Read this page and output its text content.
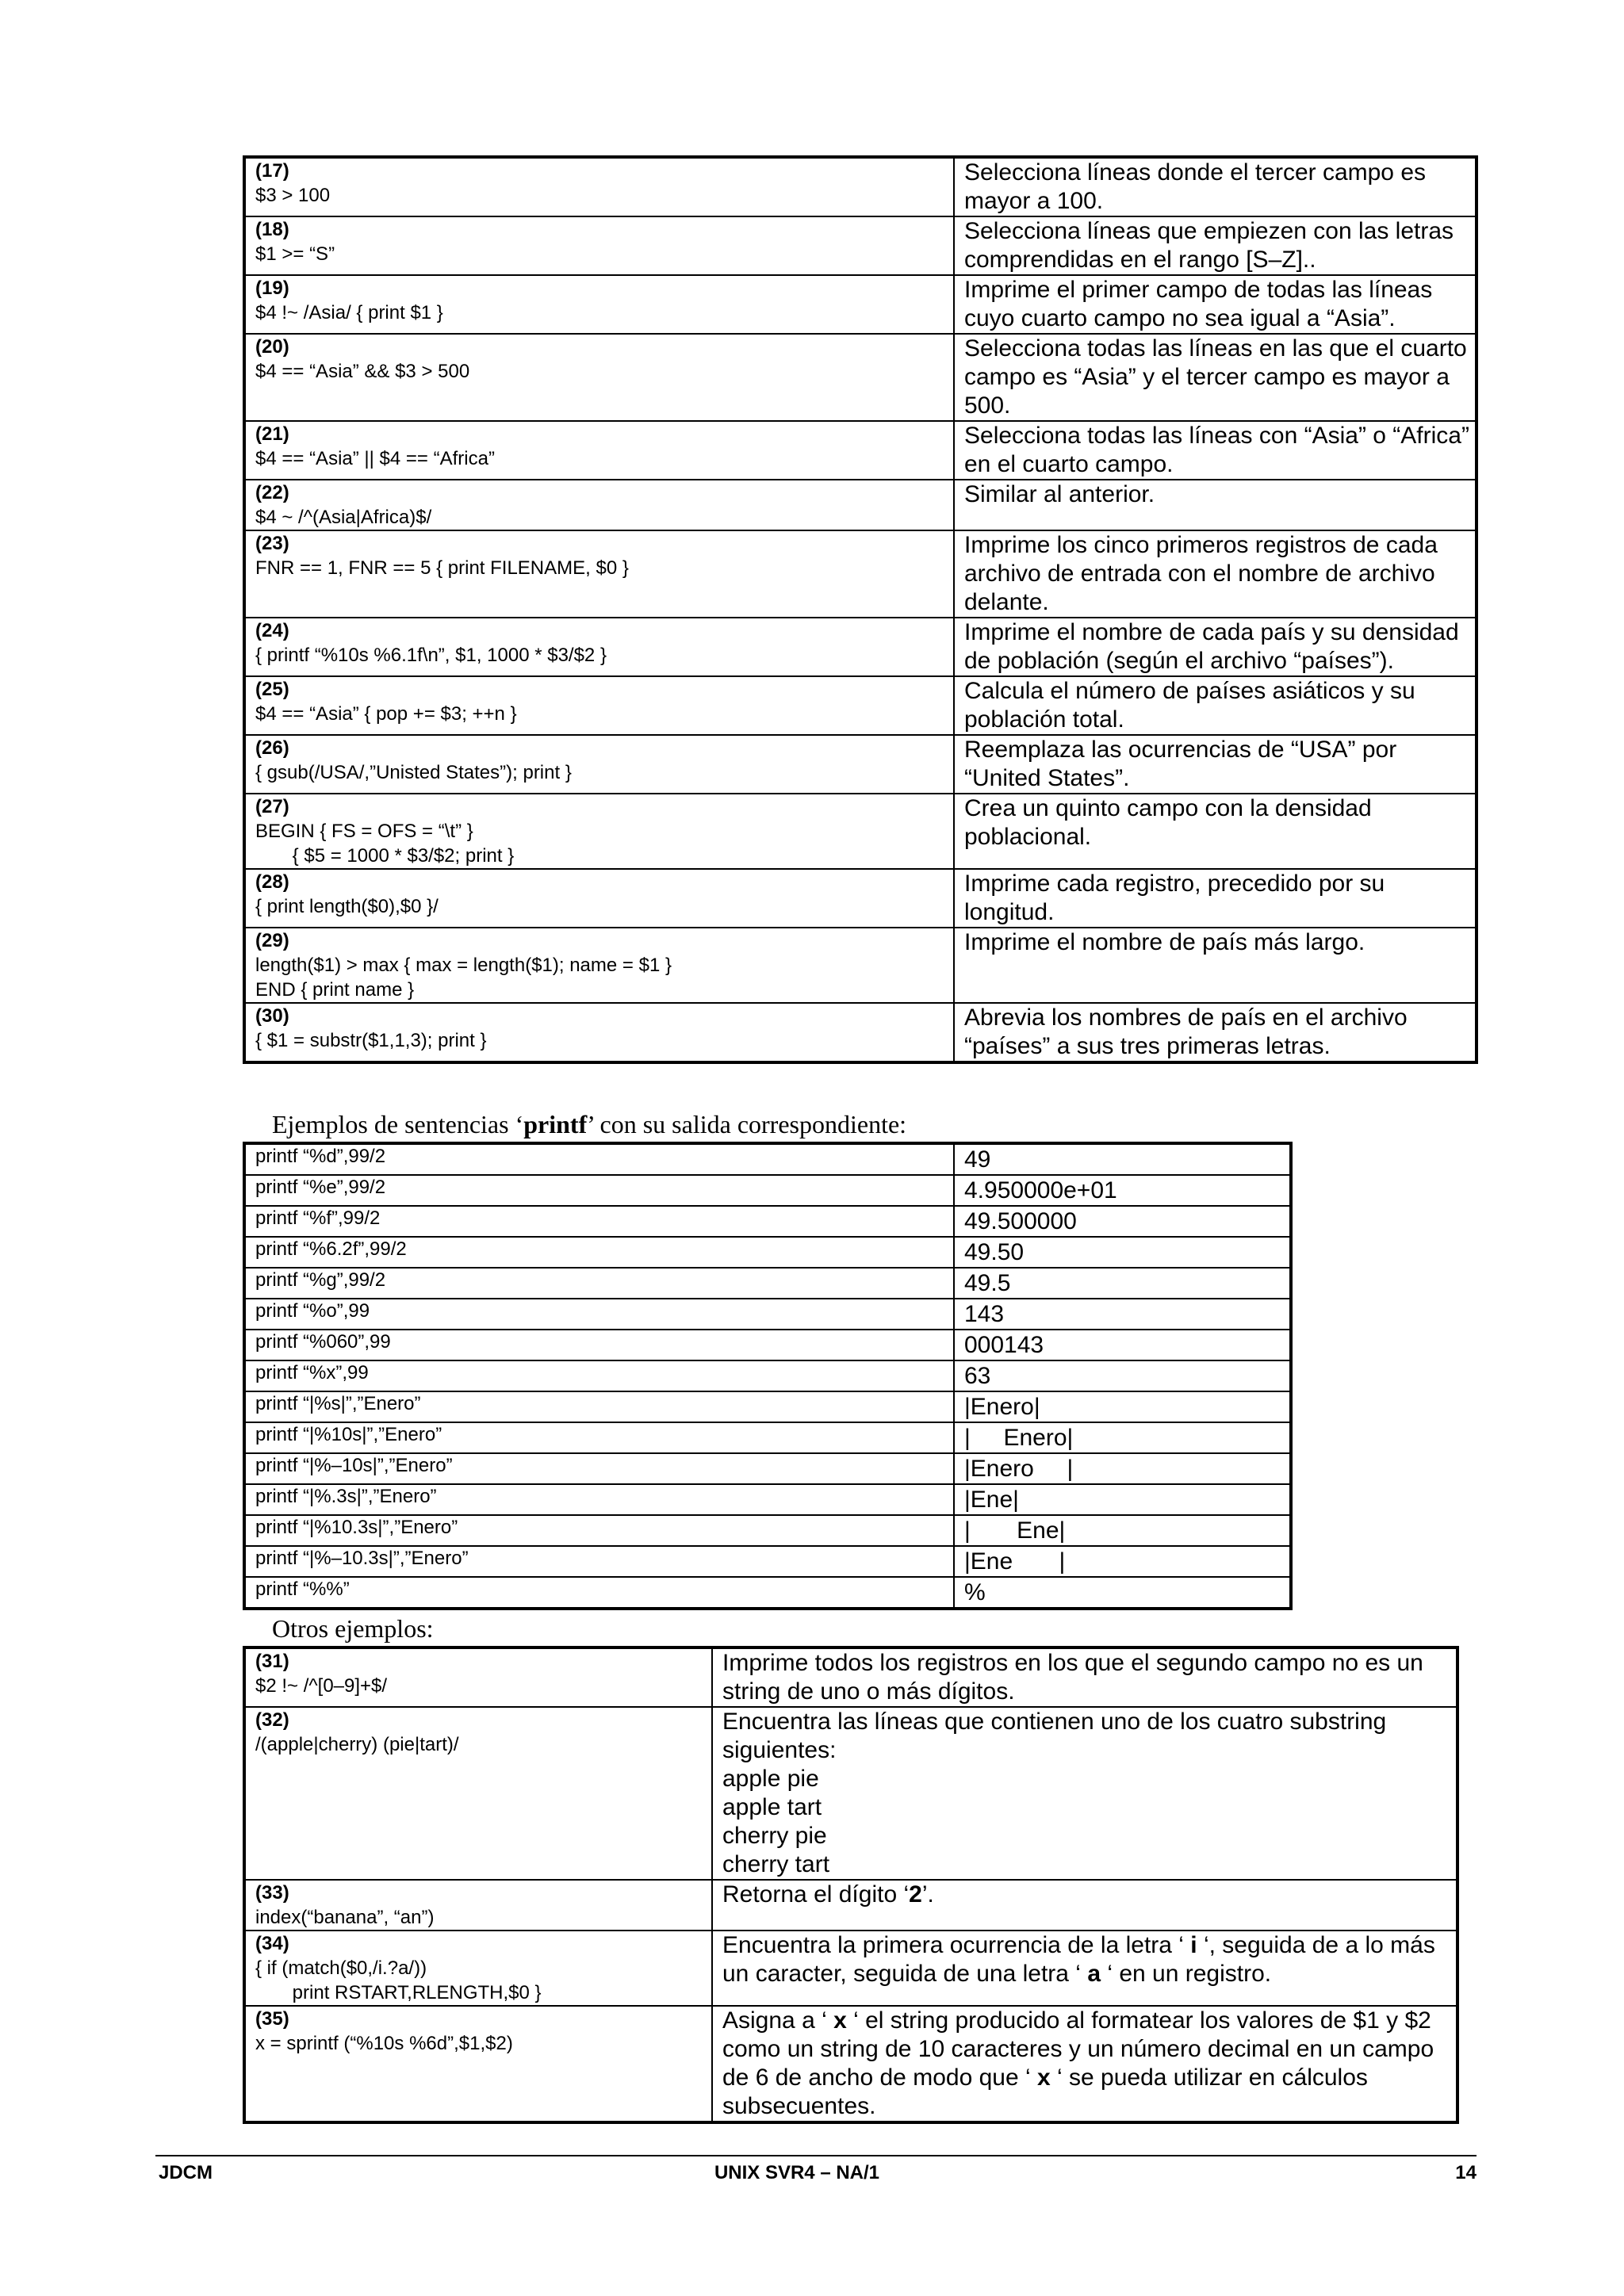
(17)
$3 > 100	Selecciona líneas donde el tercer campo es mayor a 100.

(18)
$1 >= “S”	Selecciona líneas que empiezen con las letras comprendidas en el rango [S–Z]..

(19)
$4 !~ /Asia/ { print $1 }	Imprime el primer campo de todas las líneas cuyo cuarto campo no sea igual a “Asia”.

(20)
$4 == “Asia” && $3 > 500	Selecciona todas las líneas en las que el cuarto campo es “Asia” y el tercer campo es mayor a 500.

(21)
$4 == “Asia” || $4 == “Africa”	Selecciona todas las líneas con “Asia” o “Africa” en el cuarto campo.

(22)
$4 ~ /^(Asia|Africa)$/	Similar al anterior.

(23)
FNR == 1, FNR == 5 { print FILENAME, $0 }	Imprime los cinco primeros registros de cada archivo de entrada con el nombre de archivo delante.

(24)
{ printf “%10s %6.1f\n”, $1, 1000 * $3/$2 }	Imprime el nombre de cada país y su densidad de población (según el archivo “países”).

(25)
$4 == “Asia” { pop += $3; ++n }	Calcula el número de países asiáticos y su población total.

(26)
{ gsub(/USA/,”Unisted States”); print }	Reemplaza las ocurrencias de “USA” por “United States”.

(27)
BEGIN { FS = OFS = “\t” }
{ $5 = 1000 * $3/$2; print }	Crea un quinto campo con la densidad poblacional.

(28)
{ print length($0),$0 }/	Imprime cada registro, precedido por su longitud.

(29)
length($1) > max { max = length($1); name = $1 }
END { print name }	Imprime el nombre de país más largo.

(30)
{ $1 = substr($1,1,3); print }	Abrevia los nombres de país en el archivo “países” a sus tres primeras letras.
Ejemplos de sentencias ‘printf’ con su salida correspondiente:
printf “%d”,99/2	49
printf “%e”,99/2	4.950000e+01
printf “%f”,99/2	49.500000
printf “%6.2f”,99/2	49.50
printf “%g”,99/2	49.5
printf “%o”,99	143
printf “%060”,99	000143
printf “%x”,99	63
printf “|%s|”,”Enero”	|Enero|
printf “|%10s|”,”Enero”	|     Enero|
printf “|%–10s|”,”Enero”	|Enero     |
printf “|%.3s|”,”Enero”	|Ene|
printf “|%10.3s|”,”Enero”	|       Ene|
printf “|%–10.3s|”,”Enero”	|Ene       |
printf “%%”	%
Otros ejemplos:
(31)
$2 !~ /^[0–9]+$/	Imprime todos los registros en los que el segundo campo no es un string de uno o más dígitos.

(32)
/(apple|cherry) (pie|tart)/	Encuentra las líneas que contienen uno de los cuatro substring siguientes:
apple pie
apple tart
cherry pie
cherry tart

(33)
index(“banana”, “an”)	Retorna el dígito ‘2’.

(34)
{ if (match($0,/i.?a/))
print RSTART,RLENGTH,$0 }	Encuentra la primera ocurrencia de la letra ‘ i ‘, seguida de a lo más un caracter, seguida de una letra ‘ a ‘ en un registro.

(35)
x = sprintf (“%10s %6d”,$1,$2)	Asigna a ‘ x ‘ el string producido al formatear los valores de $1 y $2 como un string de 10 caracteres y un número decimal en un campo de 6 de ancho de modo que ‘ x ‘ se pueda utilizar en cálculos subsecuentes.
JDCM	UNIX SVR4 – NA/1	14
